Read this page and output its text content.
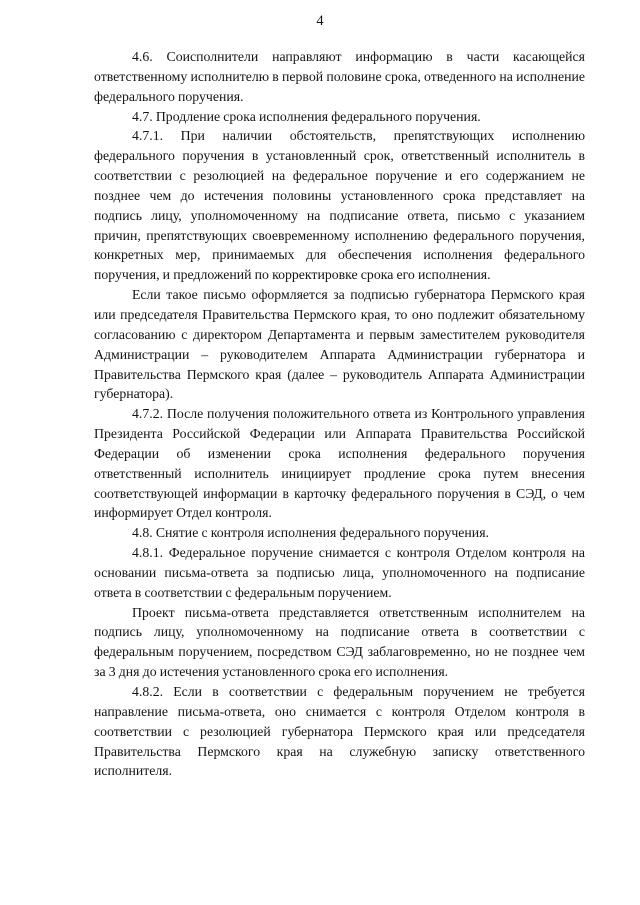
4

4.6. Соисполнители направляют информацию в части касающейся ответственному исполнителю в первой половине срока, отведенного на исполнение федерального поручения.

4.7. Продление срока исполнения федерального поручения.

4.7.1. При наличии обстоятельств, препятствующих исполнению федерального поручения в установленный срок, ответственный исполнитель в соответствии с резолюцией на федеральное поручение и его содержанием не позднее чем до истечения половины установленного срока представляет на подпись лицу, уполномоченному на подписание ответа, письмо с указанием причин, препятствующих своевременному исполнению федерального поручения, конкретных мер, принимаемых для обеспечения исполнения федерального поручения, и предложений по корректировке срока его исполнения.

Если такое письмо оформляется за подписью губернатора Пермского края или председателя Правительства Пермского края, то оно подлежит обязательному согласованию с директором Департамента и первым заместителем руководителя Администрации – руководителем Аппарата Администрации губернатора и Правительства Пермского края (далее – руководитель Аппарата Администрации губернатора).

4.7.2. После получения положительного ответа из Контрольного управления Президента Российской Федерации или Аппарата Правительства Российской Федерации об изменении срока исполнения федерального поручения ответственный исполнитель инициирует продление срока путем внесения соответствующей информации в карточку федерального поручения в СЭД, о чем информирует Отдел контроля.

4.8. Снятие с контроля исполнения федерального поручения.

4.8.1. Федеральное поручение снимается с контроля Отделом контроля на основании письма-ответа за подписью лица, уполномоченного на подписание ответа в соответствии с федеральным поручением.

Проект письма-ответа представляется ответственным исполнителем на подпись лицу, уполномоченному на подписание ответа в соответствии с федеральным поручением, посредством СЭД заблаговременно, но не позднее чем за 3 дня до истечения установленного срока его исполнения.

4.8.2. Если в соответствии с федеральным поручением не требуется направление письма-ответа, оно снимается с контроля Отделом контроля в соответствии с резолюцией губернатора Пермского края или председателя Правительства Пермского края на служебную записку ответственного исполнителя.
